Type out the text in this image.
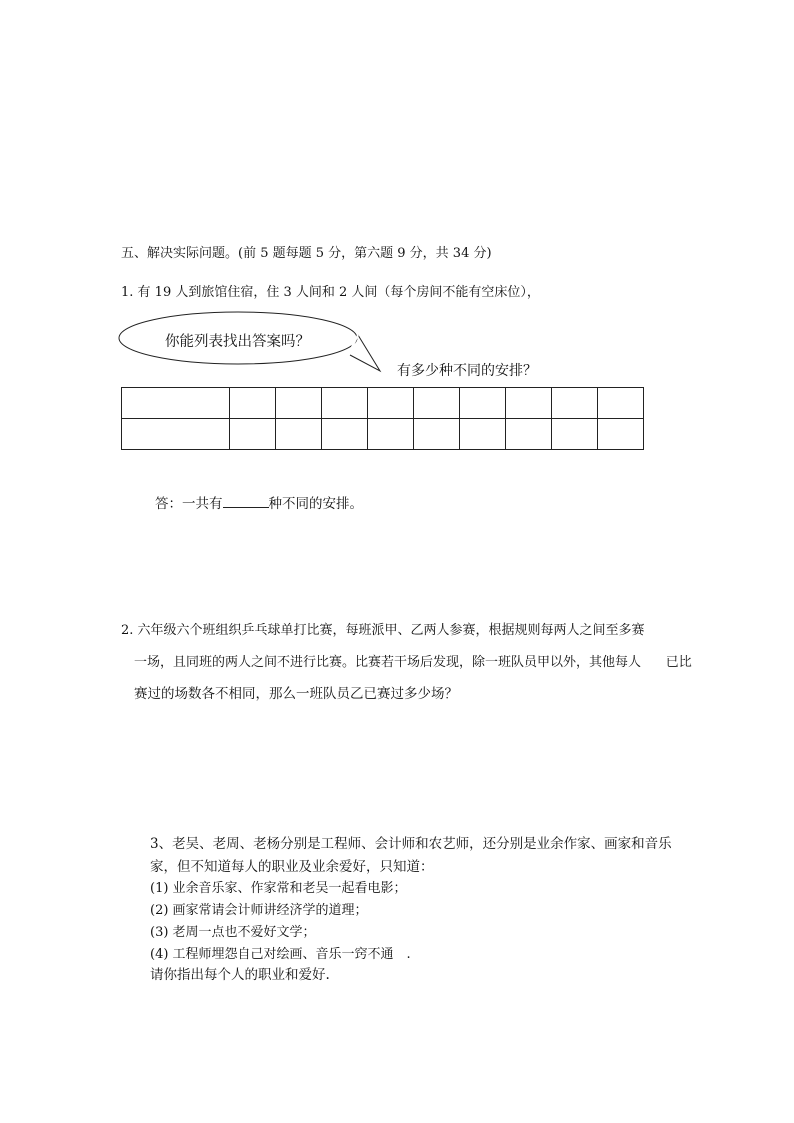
五、解决实际问题。(前 5 题每题 5 分，第六题 9 分，共 34 分)
1. 有 19 人到旅馆住宿，住 3 人间和 2 人间（每个房间不能有空床位），
你能列表找出答案吗？
有多少种不同的安排？

答：一共有	种不同的安排。
2. 六年级六个班组织乒乓球单打比赛，每班派甲、乙两人参赛，根据规则每两人之间至多赛
一场，且同班的两人之间不进行比赛。比赛若干场后发现，除一班队员甲以外，其他每人      已比
赛过的场数各不相同，那么一班队员乙已赛过多少场？
3、老吴、老周、老杨分别是工程师、会计师和农艺师，还分别是业余作家、画家和音乐
家，但不知道每人的职业及业余爱好，只知道：
(1) 业余音乐家、作家常和老吴一起看电影；
(2) 画家常请会计师讲经济学的道理；
(3) 老周一点也不爱好文学；
(4) 工程师埋怨自己对绘画、音乐一窍不通　.
请你指出每个人的职业和爱好.
